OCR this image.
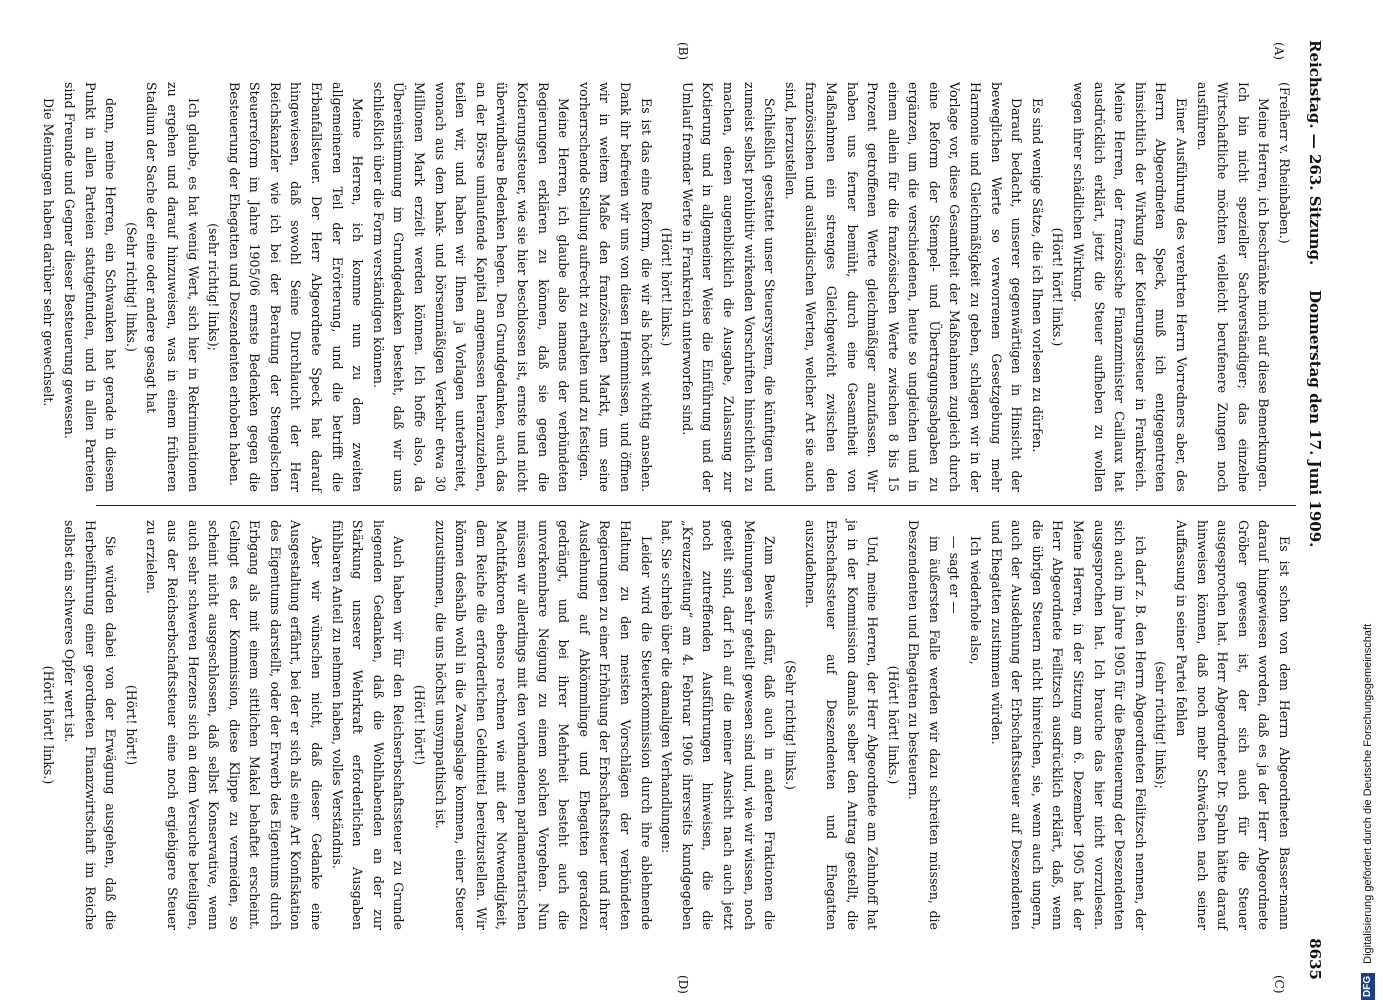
Reichstag. — 263. Sitzung.
Donnerstag den 17. Juni 1909.
8635
(A)
(B)
(C)
(D)

(Freiherr v. Rheinbaben.)

Meine Herren, ich beschränke mich auf diese Bemerkungen. Ich bin nicht spezieller Sachverständiger; das einzelne Wirtschaftliche möchten vielleicht berufenere Zungen noch ausführen.

Einer Ausführung des verehrten Herrn Vorredners aber, des Herrn Abgeordneten Speck, muß ich entgegentreten hinsichtlich der Wirkung der Kotierungssteuer in Frankreich. Meine Herren, der französische Finanzminister Caillaux hat ausdrücklich erklärt, jetzt die Steuer aufheben zu wollen wegen ihrer schädlichen Wirkung.

(Hört! hört! links.)

Es sind wenige Sätze, die ich Ihnen vorlesen zu dürfen.

Darauf bedacht, unserer gegenwärtigen in Hinsicht der beweglichen Werte so verworrenen Gesetzgebung mehr Harmonie und Gleichmäßigkeit zu geben, schlagen wir in der Vorlage vor, diese Gesamtheit der Maßnahmen zugleich durch eine Reform der Stempel- und Übertragungsabgaben zu ergänzen, um die verschiedenen, heute so ungleichen und in einem allein für die französischen Werte zwischen 8 bis 15 Prozent getroffenen Werte gleichmäßiger anzufassen. Wir haben uns ferner bemüht, durch eine Gesamtheit von Maßnahmen ein strenges Gleichgewicht zwischen den französischen und ausländischen Werten, welcher Art sie auch sind, herzustellen.

Schließlich gestattet unser Steuersystem, die künftigen und zumeist selbst prohibitiv wirkenden Vorschriften hinsichtlich zu machen, denen augenblicklich die Ausgabe, Zulassung zur Kotierung und in allgemeiner Weise die Einführung und der Umlauf fremder Werte in Frankreich unterworfen sind.

(Hört! hört! links.)

Es ist das eine Reform, die wir als höchst wichtig ansehen. Dank ihr befreien wir uns von diesen Hemmnissen, und öffnen wir in weitem Maße den französischen Markt, um seine vorherrschende Stellung aufrecht zu erhalten und zu festigen.

Meine Herren, ich glaube also namens der verbündeten Regierungen erklären zu können, daß sie gegen die Kotierungssteuer, wie sie hier beschlossen ist, ernste und nicht überwindbare Bedenken hegen. Den Grundgedanken, auch das an der Börse umlaufende Kapital angemessen heranzuziehen, teilen wir, und haben wir Ihnen ja Vorlagen unterbreitet, wonach aus dem bank- und börsenmäßigen Verkehr etwa 30 Millionen Mark erzielt werden können. Ich hoffe also, da Übereinstimmung im Grundgedanken besteht, daß wir uns schließlich über die Form verständigen können.

Meine Herren, ich komme nun zu dem zweiten allgemeineren Teil der Erörterung, und die betrifft die Erbanfallsteuer. Der Herr Abgeordnete Speck hat darauf hingewiesen, daß sowohl Seine Durchlaucht der Herr Reichskanzler wie ich bei der Beratung der Stengelschen Steuerreform im Jahre 1905/06 ernste Bedenken gegen die Besteuerung der Ehegatten und Deszendenten erhoben haben.

(sehr richtig! links);

Ich glaube, es hat wenig Wert, sich hier in Rekriminationen zu ergehen und darauf hinzuweisen, was in einem früheren Stadium der Sache der eine oder andere gesagt hat

(Sehr richtig! links.)

denn, meine Herren, ein Schwanken hat gerade in diesem Punkt in allen Parteien stattgefunden, und in allen Parteien sind Freunde und Gegner dieser Besteuerung gewesen.

Die Meinungen haben darüber sehr gewechselt.

Es ist schon von dem Herrn Abgeordneten Basser-mann darauf hingewiesen worden, daß es ja der Herr Abgeordnete Gröber gewesen ist, der sich auch für die Steuer ausgesprochen hat. Herr Abgeordneter Dr. Spahn hätte darauf hinweisen können, daß noch mehr Schwächen nach seiner Auffassung in seiner Partei fehlen

(sehr richtig! links);

ich darf z. B. den Herrn Abgeordneten Feilitzsch nennen, der sich auch im Jahre 1905 für die Besteuerung der Deszendenten ausgesprochen hat. Ich brauche das hier nicht vorzulesen. Meine Herren, in der Sitzung am 6. Dezember 1905 hat der Herr Abgeordnete Feilitzsch ausdrücklich erklärt, daß, wenn die übrigen Steuern nicht hinreichen, sie, wenn auch ungern, auch der Ausdehnung der Erbschaftssteuer auf Deszendenten und Ehegatten zustimmen würden.

Ich wiederhole also,

— sagt er —

im äußersten Falle werden wir dazu schreiten müssen, die Deszendenten und Ehegatten zu besteuern.

(Hört! hört! links.)

Und, meine Herren, der Herr Abgeordnete am Zehnhoff hat ja in der Kommission damals selber den Antrag gestellt, die Erbschaftssteuer auf Deszendenten und Ehegatten auszudehnen.

(Sehr richtig! links.)

Zum Beweis dafür, daß auch in anderen Fraktionen die Meinungen sehr geteilt gewesen sind und, wie wir wissen, noch geteilt sind, darf ich auf die meiner Ansicht nach auch jetzt noch zutreffenden Ausführungen hinweisen, die die „Kreuzzeitung“ am 4. Februar 1906 ihrerseits kundgegeben hat. Sie schrieb über die damaligen Verhandlungen:

Leider wird die Steuerkommission durch ihre ablehnende Haltung zu den meisten Vorschlägen der verbündeten Regierungen zu einer Erhöhung der Erbschaftssteuer und ihrer Ausdehnung auf Abkömmlinge und Ehegatten geradezu gedrängt, und bei ihrer Mehrheit besteht auch die unverkennbare Neigung zu einem solchen Vorgehen. Nun müssen wir allerdings mit den vorhandenen parlamentarischen Machtfaktoren ebenso rechnen wie mit der Notwendigkeit, dem Reiche die erforderlichen Geldmittel bereitzustellen. Wir können deshalb wohl in die Zwangslage kommen, einer Steuer zuzustimmen, die uns höchst unsympathisch ist.

(Hört! hört!)

Auch haben wir für den Reichserbschaftssteuer zu Grunde liegenden Gedanken, daß die Wohlhabenden an der zur Stärkung unserer Wehrkraft erforderlichen Ausgaben fühlbaren Anteil zu nehmen haben, volles Verständnis.

Aber wir wünschen nicht, daß dieser Gedanke eine Ausgestaltung erfährt, bei der er sich als eine Art Konfiskation des Eigentums darstellt, oder der Erwerb des Eigentums durch Erbgang als mit einem sittlichen Makel behaftet erscheint. Gelingt es der Kommission, diese Klippe zu vermeiden, so scheint nicht ausgeschlossen, daß selbst Konservative, wenn auch sehr schweren Herzens sich an dem Versuche beteiligen, aus der Reichserbschaftssteuer eine noch ergiebigere Steuer zu erzielen.

(Hört! hört!)

Sie würden dabei von der Erwägung ausgehen, daß die Herbeiführung einer geordneten Finanzwirtschaft im Reiche selbst ein schweres Opfer wert ist.

(Hört! hört! links.)

DFG Digitalisierung gefördert durch die Deutsche Forschungsgemeinschaft
